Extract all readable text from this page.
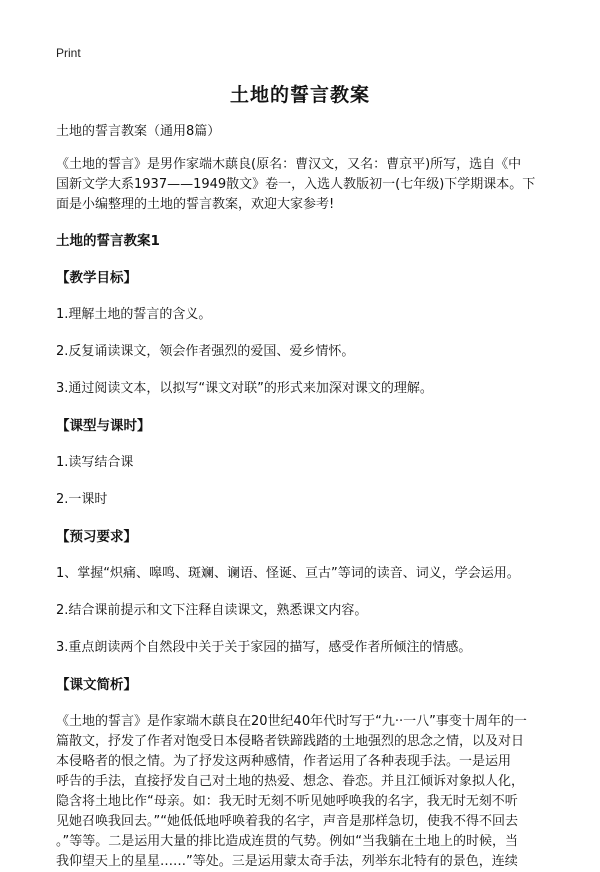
Print
土地的誓言教案
土地的誓言教案（通用8篇）
《土地的誓言》是男作家端木蕻良(原名：曹汉文，又名：曹京平)所写，选自《中
国新文学大系1937——1949散文》卷一，入选人教版初一(七年级)下学期课本。下
面是小编整理的土地的誓言教案，欢迎大家参考!
土地的誓言教案1
【教学目标】
1.理解土地的誓言的含义。
2.反复诵读课文，领会作者强烈的爱国、爱乡情怀。
3.通过阅读文本，以拟写“课文对联”的形式来加深对课文的理解。
【课型与课时】
1.读写结合课
2.一课时
【预习要求】
1、掌握“炽痛、嗥鸣、斑斓、谰语、怪诞、亘古”等词的读音、词义，学会运用。
2.结合课前提示和文下注释自读课文，熟悉课文内容。
3.重点朗读两个自然段中关于关于家园的描写，感受作者所倾注的情感。
【课文简析】
《土地的誓言》是作家端木蕻良在20世纪40年代时写于“九··一八”事变十周年的一
篇散文，抒发了作者对饱受日本侵略者铁蹄践踏的土地强烈的思念之情，以及对日
本侵略者的恨之情。为了抒发这两种感情，作者运用了各种表现手法。一是运用
呼告的手法，直接抒发自己对土地的热爱、想念、眷恋。并且江倾诉对象拟人化，
隐含将土地比作“母亲。如：我无时无刻不听见她呼唤我的名字，我无时无刻不听
见她召唤我回去。”“她低低地呼唤着我的名字，声音是那样急切，使我不得不回去
。”等等。二是运用大量的排比造成连贯的气势。例如“当我躺在土地上的时候，当
我仰望天上的星星……”等处。三是运用蒙太奇手法，列举东北特有的景色，连续
